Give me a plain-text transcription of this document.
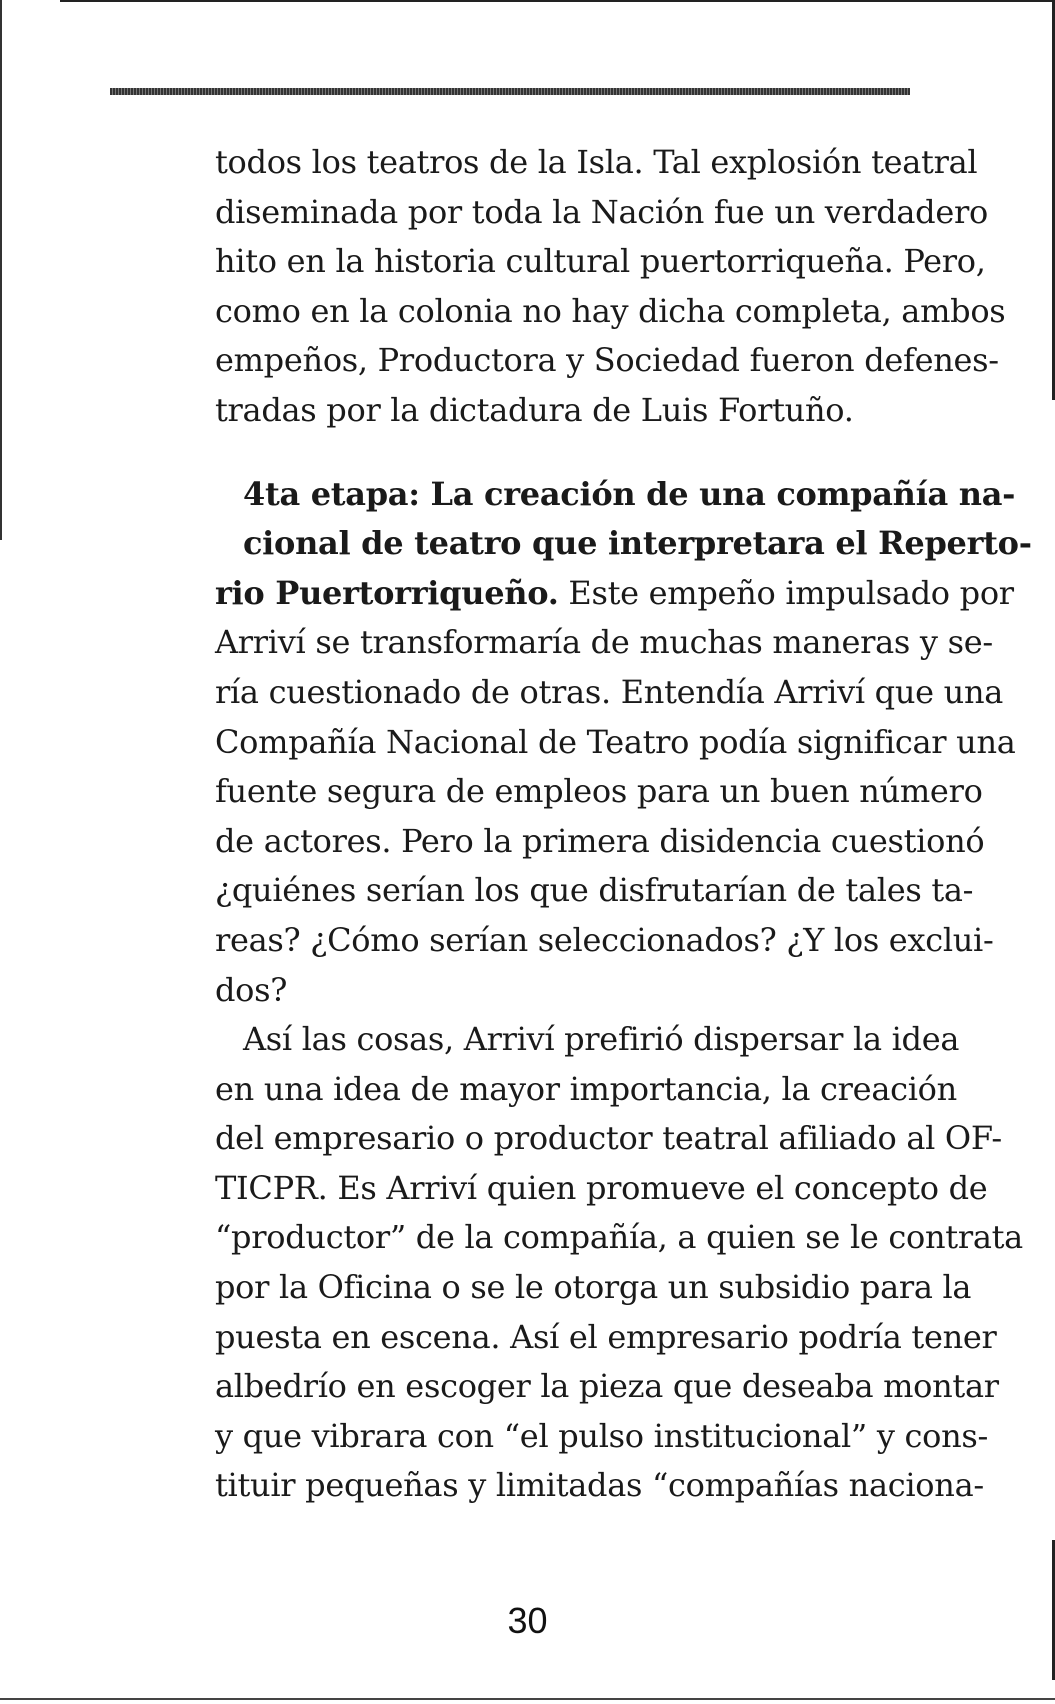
todos los teatros de la Isla. Tal explosión teatral
diseminada por toda la Nación fue un verdadero
hito en la historia cultural puertorriqueña. Pero,
como en la colonia no hay dicha completa, ambos
empeños, Productora y Sociedad fueron defenes-
tradas por la dictadura de Luis Fortuño.

4ta etapa: La creación de una compañía na-
cional de teatro que interpretara el Reperto-

rio Puertorriqueño. Este empeño impulsado por
Arriví se transformaría de muchas maneras y se-
ría cuestionado de otras. Entendía Arriví que una
Compañía Nacional de Teatro podía significar una
fuente segura de empleos para un buen número
de actores. Pero la primera disidencia cuestionó
¿quiénes serían los que disfrutarían de tales ta-
reas? ¿Cómo serían seleccionados? ¿Y los exclui-
dos?

Así las cosas, Arriví prefirió dispersar la idea
en una idea de mayor importancia, la creación
del empresario o productor teatral afiliado al OF-
TICPR. Es Arriví quien promueve el concepto de
“productor” de la compañía, a quien se le contrata
por la Oficina o se le otorga un subsidio para la
puesta en escena. Así el empresario podría tener
albedrío en escoger la pieza que deseaba montar
y que vibrara con “el pulso institucional” y cons-
tituir pequeñas y limitadas “compañías naciona-

30
